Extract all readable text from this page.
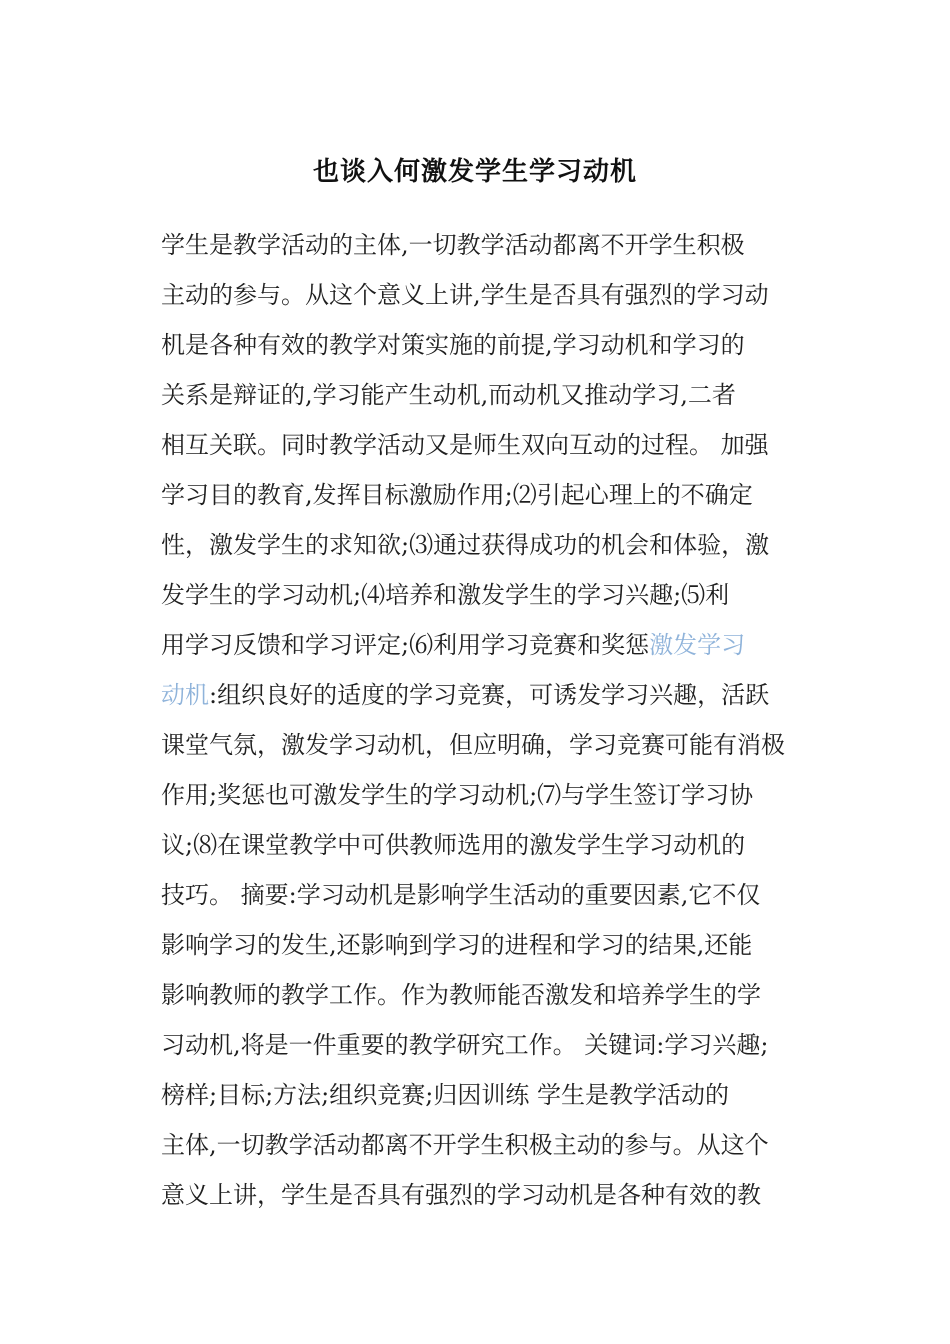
也谈入何激发学生学习动机
学生是教学活动的主体,一切教学活动都离不开学生积极
主动的参与。从这个意义上讲,学生是否具有强烈的学习动
机是各种有效的教学对策实施的前提,学习动机和学习的
关系是辩证的,学习能产生动机,而动机又推动学习,二者
相互关联。同时教学活动又是师生双向互动的过程。 加强
学习目的教育,发挥目标激励作用;⑵引起心理上的不确定
性，激发学生的求知欲;⑶通过获得成功的机会和体验，激
发学生的学习动机;⑷培养和激发学生的学习兴趣;⑸利
用学习反馈和学习评定;⑹利用学习竞赛和奖惩激发学习
动机:组织良好的适度的学习竞赛，可诱发学习兴趣，活跃
课堂气氛，激发学习动机，但应明确，学习竞赛可能有消极
作用;奖惩也可激发学生的学习动机;⑺与学生签订学习协
议;⑻在课堂教学中可供教师选用的激发学生学习动机的
技巧。 摘要:学习动机是影响学生活动的重要因素,它不仅
影响学习的发生,还影响到学习的进程和学习的结果,还能
影响教师的教学工作。作为教师能否激发和培养学生的学
习动机,将是一件重要的教学研究工作。 关键词:学习兴趣;
榜样;目标;方法;组织竞赛;归因训练 学生是教学活动的
主体,一切教学活动都离不开学生积极主动的参与。从这个
意义上讲，学生是否具有强烈的学习动机是各种有效的教
